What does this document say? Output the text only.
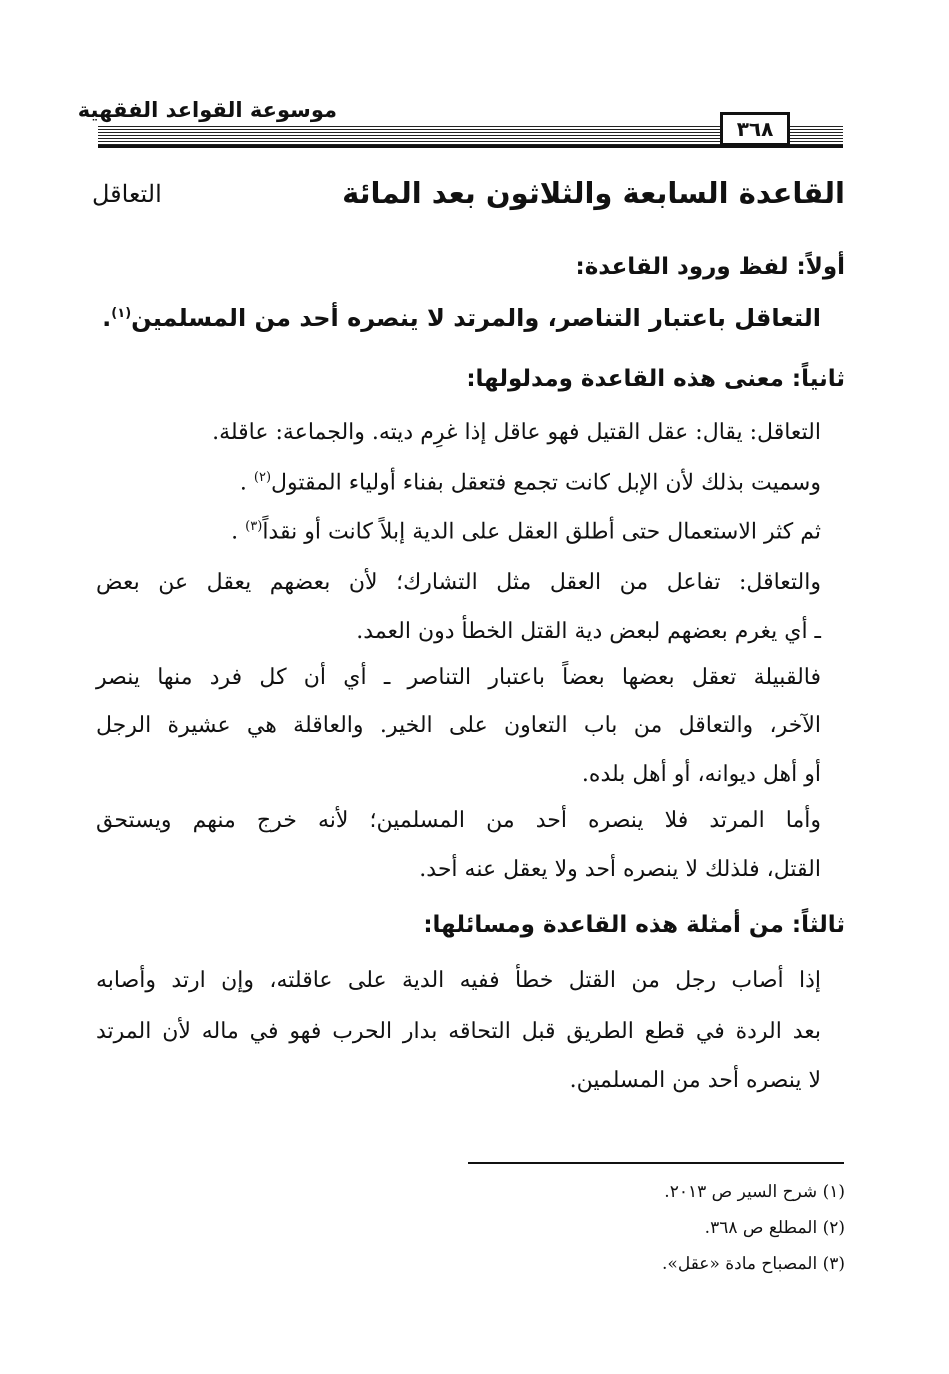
موسوعة القواعد الفقهية
٣٦٨
القاعدة السابعة والثلاثون بعد المائة
التعاقل
أولاً: لفظ ورود القاعدة:
التعاقل باعتبار التناصر، والمرتد لا ينصره أحد من المسلمين$^{(١)}$.
ثانياً: معنى هذه القاعدة ومدلولها:
التعاقل: يقال: عقل القتيل فهو عاقل إذا غرِم ديته. والجماعة: عاقلة.
وسميت بذلك لأن الإبل كانت تجمع فتعقل بفناء أولياء المقتول$^{(٢)}$ .
ثم كثر الاستعمال حتى أطلق العقل على الدية إبلاً كانت أو نقداً$^{(٣)}$ .
والتعاقل: تفاعل من العقل مثل التشارك؛ لأن بعضهم يعقل عن بعض
ـ أي يغرم بعضهم لبعض دية القتل الخطأ دون العمد.
فالقبيلة تعقل بعضها بعضاً باعتبار التناصر ـ أي أن كل فرد منها ينصر
الآخر، والتعاقل من باب التعاون على الخير. والعاقلة هي عشيرة الرجل
أو أهل ديوانه، أو أهل بلده.
وأما المرتد فلا ينصره أحد من المسلمين؛ لأنه خرج منهم ويستحق
القتل، فلذلك لا ينصره أحد ولا يعقل عنه أحد.
ثالثاً: من أمثلة هذه القاعدة ومسائلها:
إذا أصاب رجل من القتل خطأ ففيه الدية على عاقلته، وإن ارتد وأصابه
بعد الردة في قطع الطريق قبل التحاقه بدار الحرب فهو في ماله لأن المرتد
لا ينصره أحد من المسلمين.
(١) شرح السير ص ٢٠١٣.
(٢) المطلع ص ٣٦٨.
(٣) المصباح مادة «عقل».
